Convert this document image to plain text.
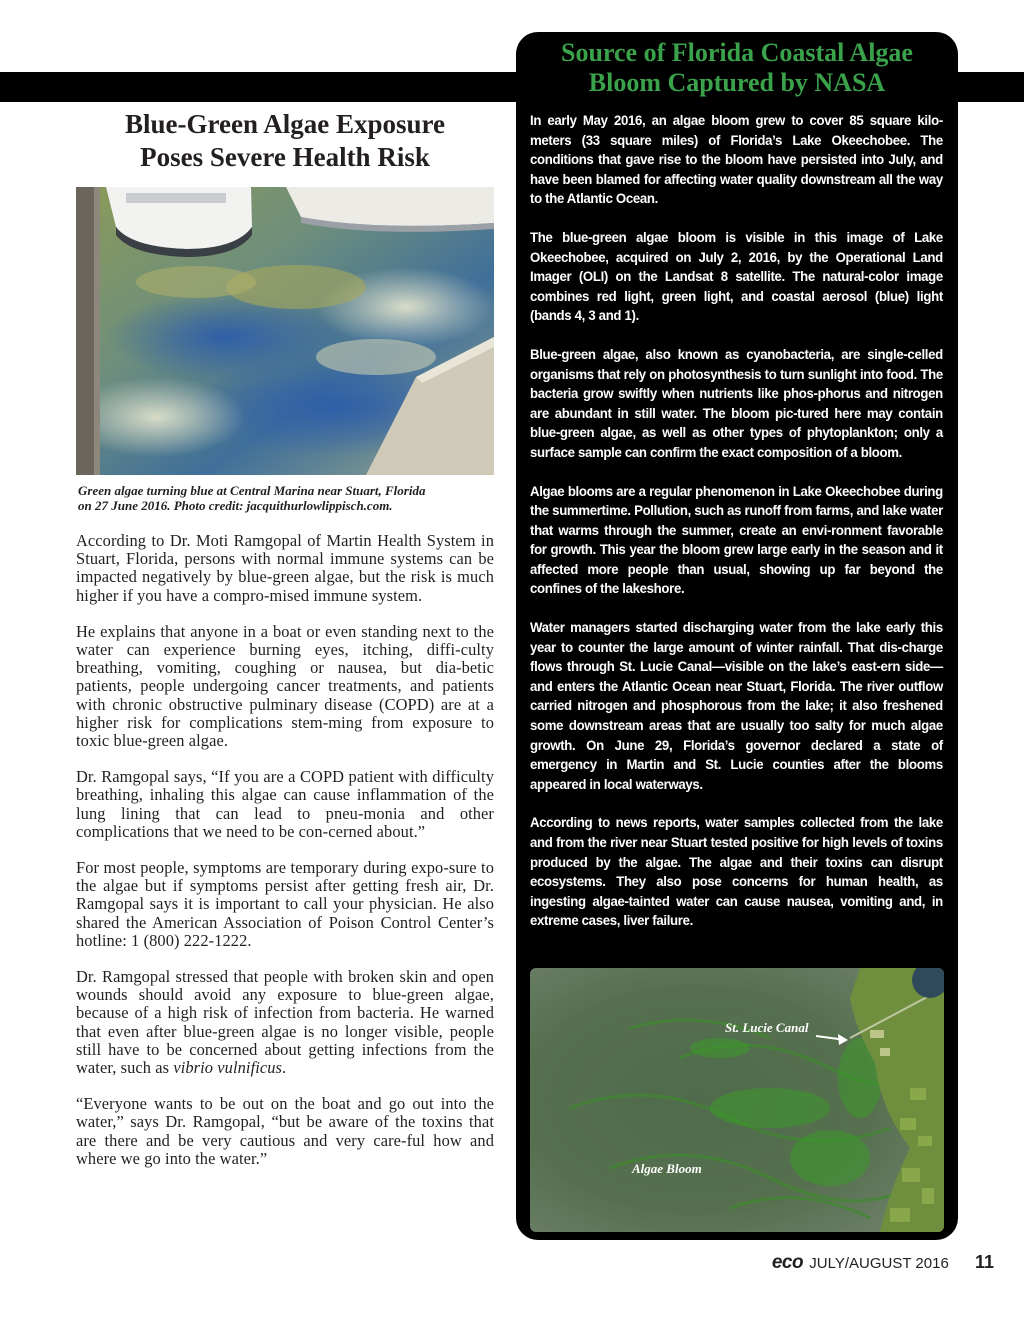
Blue-Green Algae Exposure
Poses Severe Health Risk
Green algae turning blue at Central Marina near Stuart, Florida
on 27 June 2016. Photo credit: jacquithurlowlippisch.com.

According to Dr. Moti Ramgopal of Martin Health System in Stuart, Florida, persons with normal immune systems can be impacted negatively by blue-green algae, but the risk is much higher if you have a compro-mised immune system.

He explains that anyone in a boat or even standing next to the water can experience burning eyes, itching, diffi-culty breathing, vomiting, coughing or nausea, but dia-betic patients, people undergoing cancer treatments, and patients with chronic obstructive pulminary disease (COPD) are at a higher risk for complications stem-ming from exposure to toxic blue-green algae.

Dr. Ramgopal says, “If you are a COPD patient with difficulty breathing, inhaling this algae can cause inflammation of the lung lining that can lead to pneu-monia and other complications that we need to be con-cerned about.”

For most people, symptoms are temporary during expo-sure to the algae but if symptoms persist after getting fresh air, Dr. Ramgopal says it is important to call your physician. He also shared the American Association of Poison Control Center’s hotline: 1 (800) 222-1222.

Dr. Ramgopal stressed that people with broken skin and open wounds should avoid any exposure to blue-green algae, because of a high risk of infection from bacteria. He warned that even after blue-green algae is no longer visible, people still have to be concerned about getting infections from the water, such as vibrio vulnificus.

“Everyone wants to be out on the boat and go out into the water,” says Dr. Ramgopal, “but be aware of the toxins that are there and be very cautious and very care-ful how and where we go into the water.”

Source of Florida Coastal Algae
Bloom Captured by NASA

In early May 2016, an algae bloom grew to cover 85 square kilo-meters (33 square miles) of Florida’s Lake Okeechobee. The conditions that gave rise to the bloom have persisted into July, and have been blamed for affecting water quality downstream all the way to the Atlantic Ocean.

The blue-green algae bloom is visible in this image of Lake Okeechobee, acquired on July 2, 2016, by the Operational Land Imager (OLI) on the Landsat 8 satellite. The natural-color image combines red light, green light, and coastal aerosol (blue) light (bands 4, 3 and 1).

Blue-green algae, also known as cyanobacteria, are single-celled organisms that rely on photosynthesis to turn sunlight into food. The bacteria grow swiftly when nutrients like phos-phorus and nitrogen are abundant in still water. The bloom pic-tured here may contain blue-green algae, as well as other types of phytoplankton; only a surface sample can confirm the exact composition of a bloom.

Algae blooms are a regular phenomenon in Lake Okeechobee during the summertime. Pollution, such as runoff from farms, and lake water that warms through the summer, create an envi-ronment favorable for growth. This year the bloom grew large early in the season and it affected more people than usual, showing up far beyond the confines of the lakeshore.

Water managers started discharging water from the lake early this year to counter the large amount of winter rainfall. That dis-charge flows through St. Lucie Canal—visible on the lake’s east-ern side—and enters the Atlantic Ocean near Stuart, Florida. The river outflow carried nitrogen and phosphorous from the lake; it also freshened some downstream areas that are usually too salty for much algae growth. On June 29, Florida’s governor declared a state of emergency in Martin and St. Lucie counties after the blooms appeared in local waterways.

According to news reports, water samples collected from the lake and from the river near Stuart tested positive for high levels of toxins produced by the algae. The algae and their toxins can disrupt ecosystems. They also pose concerns for human health, as ingesting algae-tainted water can cause nausea, vomiting and, in extreme cases, liver failure.

St. Lucie Canal
Algae Bloom
eco JULY/AUGUST 2016 11
